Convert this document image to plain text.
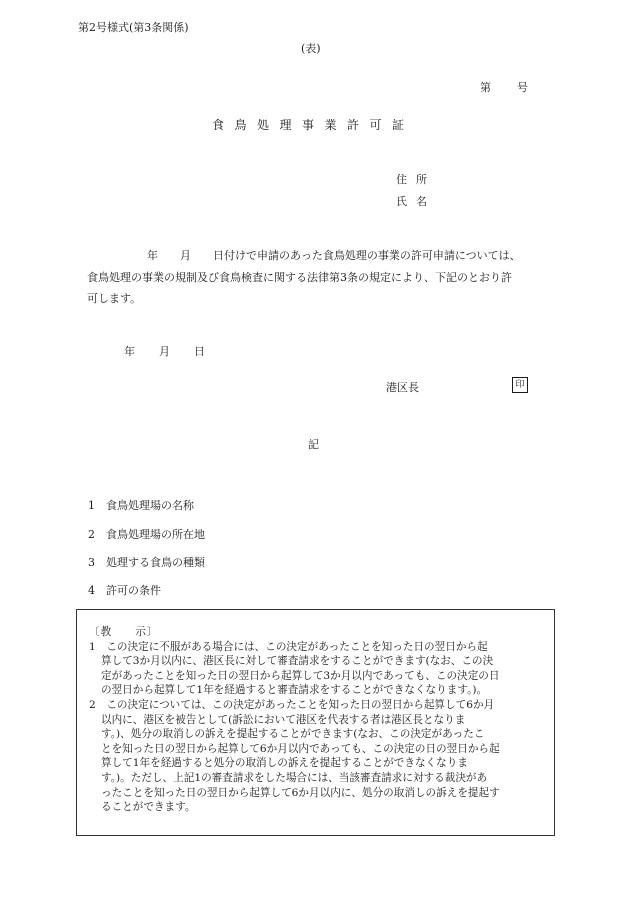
第2号様式(第3条関係)
(表)
第 号
食鳥処理事業許可証
住所
氏名
年　　月　　日付けで申請のあった食鳥処理の事業の許可申請については、
食鳥処理の事業の規制及び食鳥検査に関する法律第3条の規定により、下記のとおり許
可します。
年 月 日
港区長	印
記
1 食鳥処理場の名称
2 食鳥処理場の所在地
3 処理する食鳥の種類
4 許可の条件
〔教　　示〕
1　この決定に不服がある場合には、この決定があったことを知った日の翌日から起
算して3か月以内に、港区長に対して審査請求をすることができます(なお、この決
定があったことを知った日の翌日から起算して3か月以内であっても、この決定の日
の翌日から起算して1年を経過すると審査請求をすることができなくなります。)。
2　この決定については、この決定があったことを知った日の翌日から起算して6か月
以内に、港区を被告として(訴訟において港区を代表する者は港区長となりま
す。)、処分の取消しの訴えを提起することができます(なお、この決定があったこ
とを知った日の翌日から起算して6か月以内であっても、この決定の日の翌日から起
算して1年を経過すると処分の取消しの訴えを提起することができなくなりま
す。)。ただし、上記1の審査請求をした場合には、当該審査請求に対する裁決があ
ったことを知った日の翌日から起算して6か月以内に、処分の取消しの訴えを提起す
ることができます。
